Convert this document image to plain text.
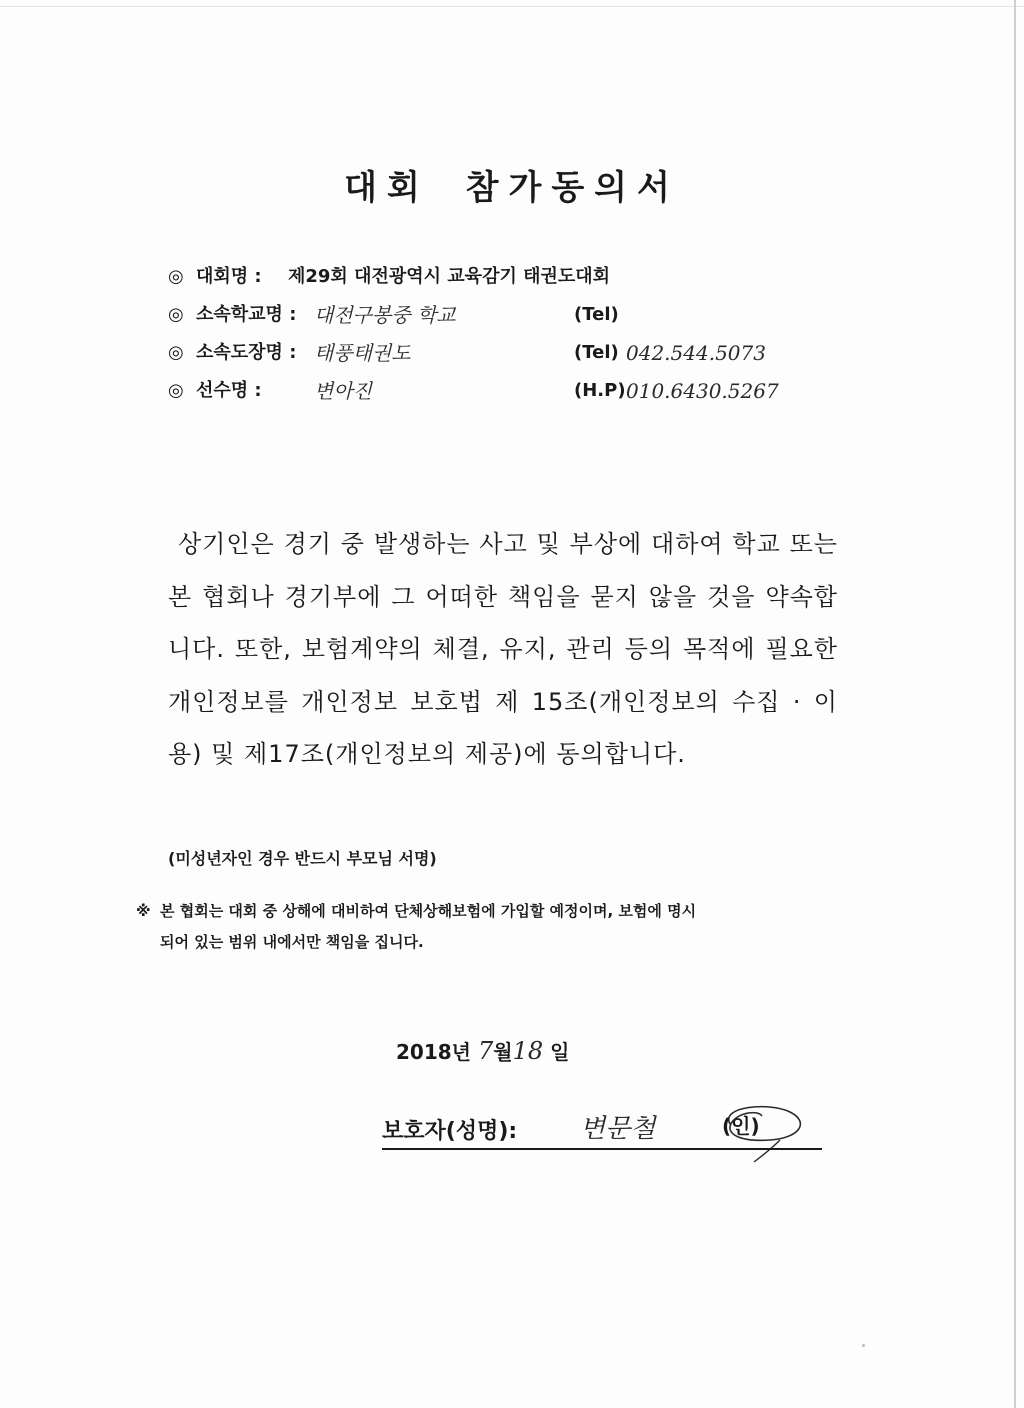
대회 참가동의서
◎ 대회명 : 제29회 대전광역시 교육감기 태권도대회
◎ 소속학교명 : 대전구봉중 학교	(Tel)
◎ 소속도장명 : 태풍태권도	(Tel) 042.544.5073
◎ 선수명 :	변아진	(H.P) 010.6430.5267
상기인은 경기 중 발생하는 사고 및 부상에 대하여 학교 또는 본 협회나 경기부에 그 어떠한 책임을 묻지 않을 것을 약속합니다. 또한, 보험계약의 체결, 유지, 관리 등의 목적에 필요한 개인정보를 개인정보 보호법 제 15조(개인정보의 수집 · 이용) 및 제17조(개인정보의 제공)에 동의합니다.
(미성년자인 경우 반드시 부모님 서명)
※ 본 협회는 대회 중 상해에 대비하여 단체상해보험에 가입할 예정이며, 보험에 명시
되어 있는 범위 내에서만 책임을 집니다.
2018년 7월18 일
보호자(성명): 변문철	(인)
